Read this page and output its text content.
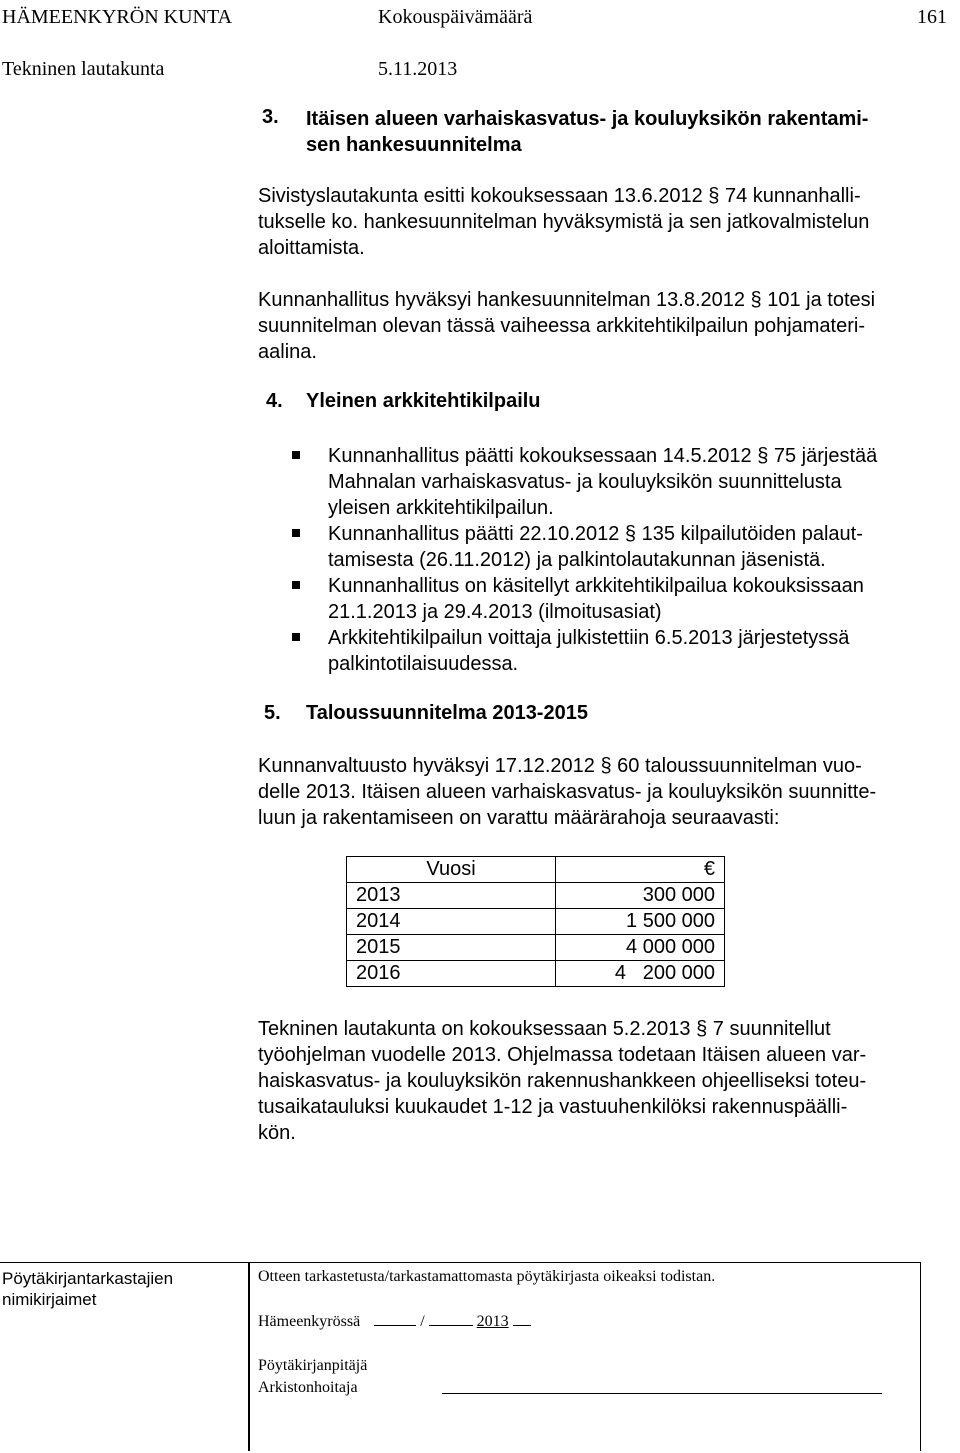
HÄMEENKYRÖN KUNTA	Kokouspäivämäärä	161
Tekninen lautakunta	5.11.2013
3. Itäisen alueen varhaiskasvatus- ja kouluyksikön rakentami-
sen hankesuunnitelma
Sivistyslautakunta esitti kokouksessaan 13.6.2012 § 74 kunnanhalli-
tukselle ko. hankesuunnitelman hyväksymistä ja sen jatkovalmistelun
aloittamista.
Kunnanhallitus hyväksyi hankesuunnitelman 13.8.2012 § 101 ja totesi
suunnitelman olevan tässä vaiheessa arkkitehtikilpailun pohjamateri-
aalina.
4. Yleinen arkkitehtikilpailu
Kunnanhallitus päätti kokouksessaan 14.5.2012 § 75 järjestää
Mahnalan varhaiskasvatus- ja kouluyksikön suunnittelusta
yleisen arkkitehtikilpailun.
Kunnanhallitus päätti 22.10.2012 § 135 kilpailutöiden palaut-
tamisesta (26.11.2012) ja palkintolautakunnan jäsenistä.
Kunnanhallitus on käsitellyt arkkitehtikilpailua kokouksissaan
21.1.2013 ja 29.4.2013 (ilmoitusasiat)
Arkkitehtikilpailun voittaja julkistettiin 6.5.2013 järjestetyssä
palkintotilaisuudessa.
5. Taloussuunnitelma 2013-2015
Kunnanvaltuusto hyväksyi 17.12.2012 § 60 taloussuunnitelman vuo-
delle 2013. Itäisen alueen varhaiskasvatus- ja kouluyksikön suunnitte-
luun ja rakentamiseen on varattu määrärahoja seuraavasti:
Vuosi	€
2013	300 000
2014	1 500 000
2015	4 000 000
2016	4   200 000
Tekninen lautakunta on kokouksessaan 5.2.2013 § 7 suunnitellut
työohjelman vuodelle 2013. Ohjelmassa todetaan Itäisen alueen var-
haiskasvatus- ja kouluyksikön rakennushankkeen ohjeelliseksi toteu-
tusaikatauluksi kuukaudet 1-12 ja vastuuhenkilöksi rakennuspäälli-
kön.
Pöytäkirjantarkastajien
nimikirjaimet
Otteen tarkastetusta/tarkastamattomasta pöytäkirjasta oikeaksi todistan.
Hämeenkyrössä	/	2013
Pöytäkirjanpitäjä
Arkistonhoitaja
